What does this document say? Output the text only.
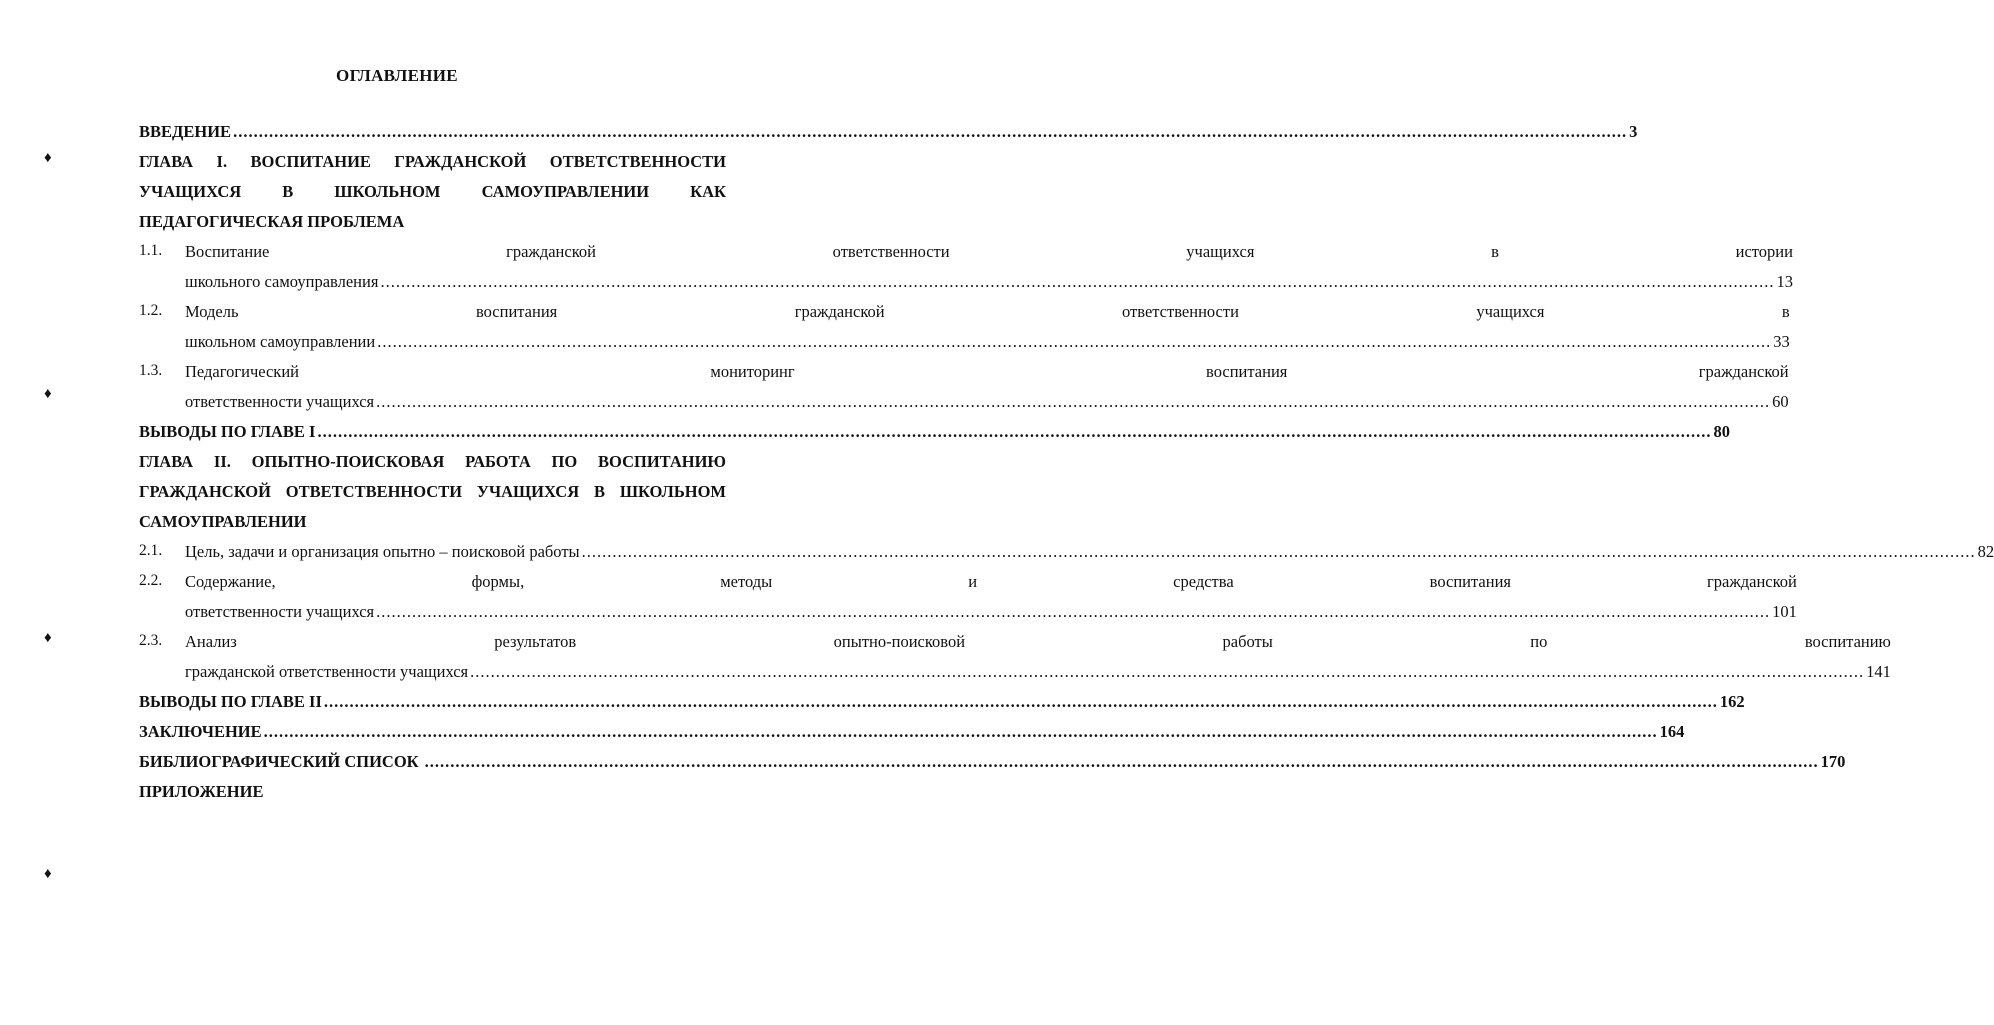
♦
♦
♦
♦
ОГЛАВЛЕНИЕ
ВВЕДЕНИЕ .....	3
ГЛАВА I. ВОСПИТАНИЕ ГРАЖДАНСКОЙ ОТВЕТСТВЕННОСТИ
УЧАЩИХСЯ В ШКОЛЬНОМ САМОУПРАВЛЕНИИ КАК
ПЕДАГОГИЧЕСКАЯ ПРОБЛЕМА
1.1.	Воспитание гражданской ответственности учащихся в истории
школьного самоуправления .....	13
1.2.	Модель воспитания гражданской ответственности учащихся в
школьном самоуправлении .....	33
1.3.	Педагогический мониторинг воспитания гражданской
ответственности учащихся .....	60
ВЫВОДЫ ПО ГЛАВЕ I .....	80
ГЛАВА II. ОПЫТНО-ПОИСКОВАЯ РАБОТА ПО ВОСПИТАНИЮ
ГРАЖДАНСКОЙ ОТВЕТСТВЕННОСТИ УЧАЩИХСЯ В ШКОЛЬНОМ
САМОУПРАВЛЕНИИ
2.1.	Цель, задачи и организация опытно – поисковой работы .....	82
2.2.	Содержание, формы, методы и средства воспитания гражданской
ответственности учащихся .....	101
2.3.	Анализ результатов опытно-поисковой работы по воспитанию
гражданской ответственности учащихся .....	141
ВЫВОДЫ ПО ГЛАВЕ II .....	162
ЗАКЛЮЧЕНИЕ .....	164
БИБЛИОГРАФИЧЕСКИЙ СПИСОК .....	170
ПРИЛОЖЕНИЕ
